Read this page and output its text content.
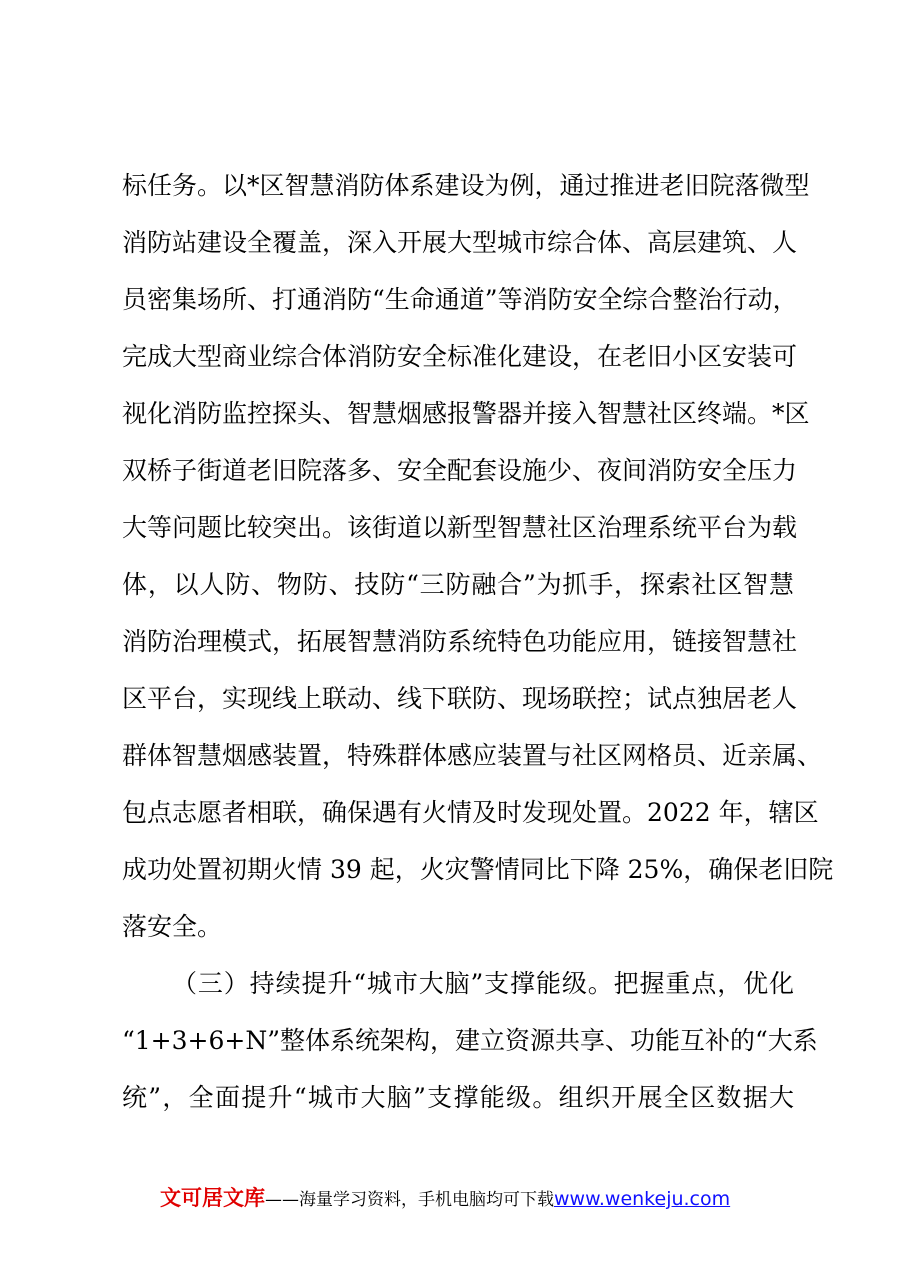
标任务。以*区智慧消防体系建设为例，通过推进老旧院落微型
消防站建设全覆盖，深入开展大型城市综合体、高层建筑、人
员密集场所、打通消防“生命通道”等消防安全综合整治行动，
完成大型商业综合体消防安全标准化建设，在老旧小区安装可
视化消防监控探头、智慧烟感报警器并接入智慧社区终端。*区
双桥子街道老旧院落多、安全配套设施少、夜间消防安全压力
大等问题比较突出。该街道以新型智慧社区治理系统平台为载
体，以人防、物防、技防“三防融合”为抓手，探索社区智慧
消防治理模式，拓展智慧消防系统特色功能应用，链接智慧社
区平台，实现线上联动、线下联防、现场联控；试点独居老人
群体智慧烟感装置，特殊群体感应装置与社区网格员、近亲属、
包点志愿者相联，确保遇有火情及时发现处置。2022 年，辖区
成功处置初期火情 39 起，火灾警情同比下降 25%，确保老旧院
落安全。
（三）持续提升“城市大脑”支撑能级。把握重点，优化
“1+3+6+N”整体系统架构，建立资源共享、功能互补的“大系
统”，全面提升“城市大脑”支撑能级。组织开展全区数据大
文可居文库——海量学习资料，手机电脑均可下载www.wenkeju.com
